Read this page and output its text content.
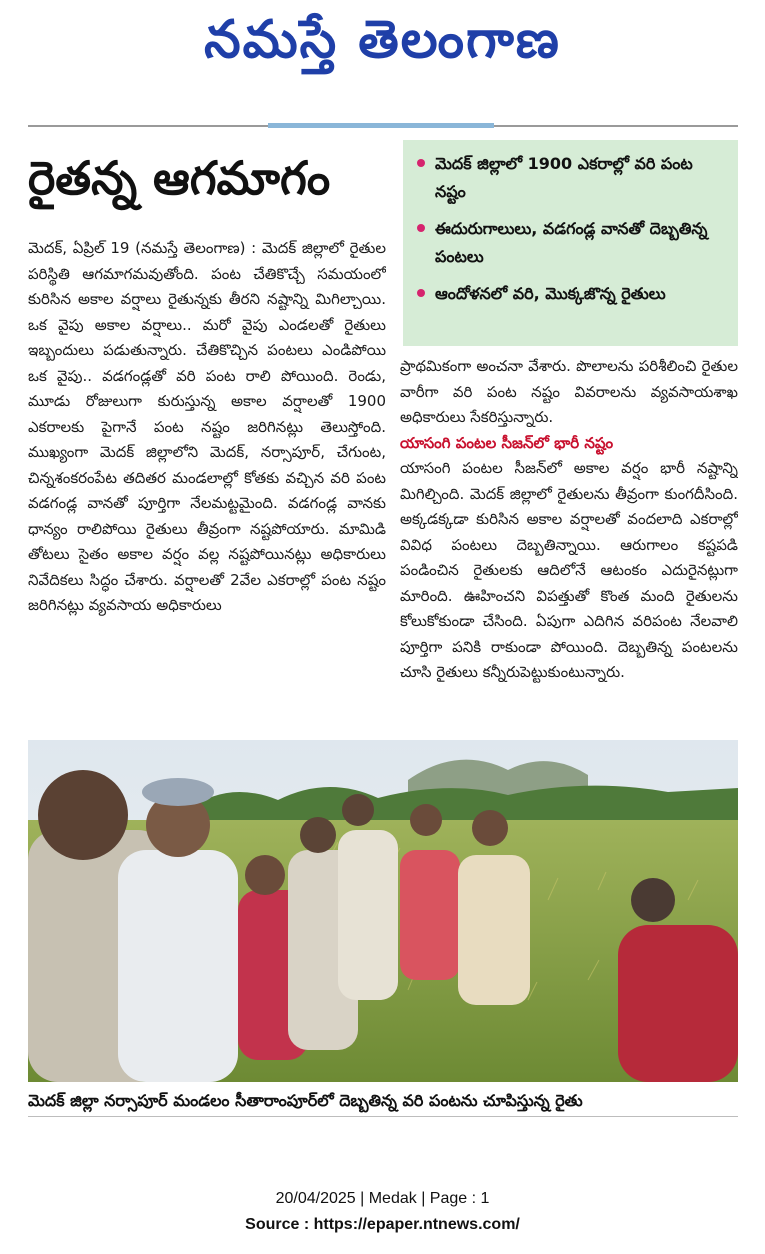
నమస్తే తెలంగాణ
రైతన్న ఆగమాగం	మెదక్ జిల్లాలో 1900 ఎకరాల్లో వరి పంట నష్టం
ఈదురుగాలులు, వడగండ్ల వానతో దెబ్బతిన్న పంటలు
ఆందోళనలో వరి, మొక్కజొన్న రైతులు
మెదక్, ఏప్రిల్ 19 (నమస్తే తెలంగాణ) : మెదక్ జిల్లాలో రైతుల పరిస్థితి ఆగమాగమవుతోంది. పంట చేతికొచ్చే సమయంలో కురిసిన అకాల వర్షాలు రైతున్నకు తీరని నష్టాన్ని మిగిల్చాయి. ఒక వైపు అకాల వర్షాలు.. మరో వైపు ఎండలతో రైతులు ఇబ్బందులు పడుతున్నారు. చేతికొచ్చిన పంటలు ఎండిపోయి ఒక వైపు.. వడగండ్లతో వరి పంట రాలి పోయింది. రెండు, మూడు రోజులుగా కురుస్తున్న అకాల వర్షాలతో 1900 ఎకరాలకు పైగానే పంట నష్టం జరిగినట్లు తెలుస్తోంది. ముఖ్యంగా మెదక్ జిల్లాలోని మెదక్, నర్సాపూర్, చేగుంట, చిన్నశంకరంపేట తదితర మండలాల్లో కోతకు వచ్చిన వరి పంట వడగండ్ల వానతో పూర్తిగా నేలమట్టమైంది. వడగండ్ల వానకు ధాన్యం రాలిపోయి రైతులు తీవ్రంగా నష్టపోయారు. మామిడి తోటలు సైతం అకాల వర్షం వల్ల నష్టపోయినట్లు అధికారులు నివేదికలు సిద్ధం చేశారు. వర్షాలతో 2వేల ఎకరాల్లో పంట నష్టం జరిగినట్లు వ్యవసాయ అధికారులు
ప్రాథమికంగా అంచనా వేశారు. పొలాలను పరిశీలించి రైతుల వారీగా వరి పంట నష్టం వివరాలను వ్యవసాయశాఖ అధికారులు సేకరిస్తున్నారు.
యాసంగి పంటల సీజన్‌లో భారీ నష్టం
యాసంగి పంటల సీజన్‌లో అకాల వర్షం భారీ నష్టాన్ని మిగిల్చింది. మెదక్ జిల్లాలో రైతులను తీవ్రంగా కుంగదీసింది. అక్కడక్కడా కురిసిన అకాల వర్షాలతో వందలాది ఎకరాల్లో వివిధ పంటలు దెబ్బతిన్నాయి. ఆరుగాలం కష్టపడి పండించిన రైతులకు ఆదిలోనే ఆటంకం ఎదురైనట్లుగా మారింది. ఊహించని విపత్తుతో కొంత మంది రైతులను కోలుకోకుండా చేసింది. ఏపుగా ఎదిగిన వరిపంట నేలవాలి పూర్తిగా పనికి రాకుండా పోయింది. దెబ్బతిన్న పంటలను చూసి రైతులు కన్నీరుపెట్టుకుంటున్నారు.
మెదక్ జిల్లా నర్సాపూర్ మండలం సీతారాంపూర్‌లో దెబ్బతిన్న వరి పంటను చూపిస్తున్న రైతు
20/04/2025 | Medak | Page : 1
Source : https://epaper.ntnews.com/
